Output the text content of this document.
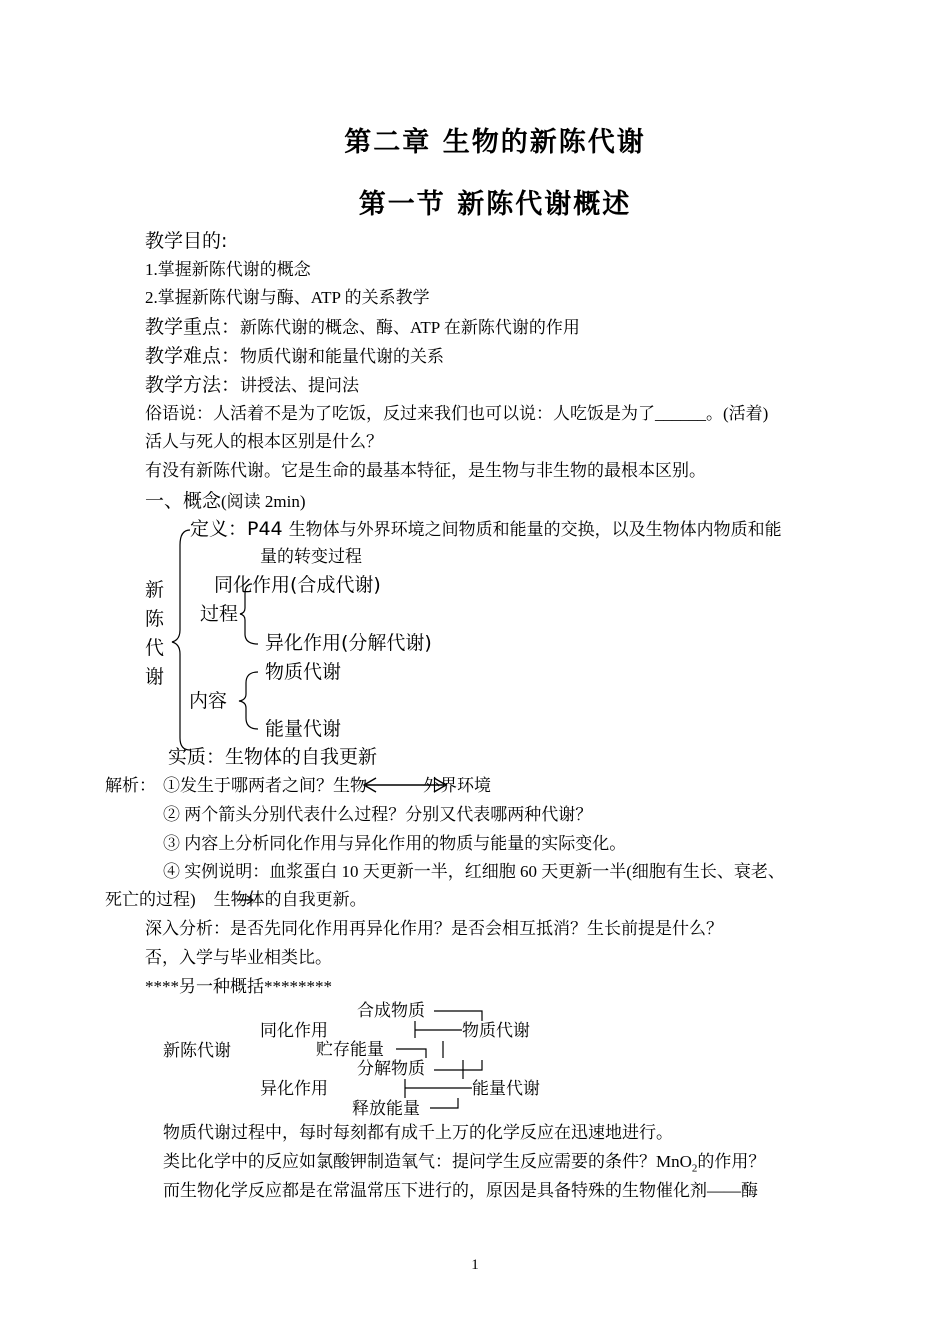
第二章 生物的新陈代谢
第一节 新陈代谢概述
教学目的:
1.掌握新陈代谢的概念
2.掌握新陈代谢与酶、ATP 的关系教学
教学重点：新陈代谢的概念、酶、ATP 在新陈代谢的作用
教学难点：物质代谢和能量代谢的关系
教学方法：讲授法、提问法
俗语说：人活着不是为了吃饭，反过来我们也可以说：人吃饭是为了______。(活着)
活人与死人的根本区别是什么？
有没有新陈代谢。它是生命的最基本特征，是生物与非生物的最根本区别。
一、概念(阅读 2min)
定义：P44 生物体与外界环境之间物质和能量的交换，以及生物体内物质和能
量的转变过程
新
陈
代
谢
同化作用(合成代谢)
过程
异化作用(分解代谢)
物质代谢
内容
能量代谢
实质：生物体的自我更新
解析： ①发生于哪两者之间？生物	外界环境
② 两个箭头分别代表什么过程？分别又代表哪两种代谢？
③ 内容上分析同化作用与异化作用的物质与能量的实际变化。
④ 实例说明：血浆蛋白 10 天更新一半，红细胞 60 天更新一半(细胞有生长、衰老、
死亡的过程) 生物体的自我更新。
深入分析：是否先同化作用再异化作用？是否会相互抵消？生长前提是什么？
否，入学与毕业相类比。
****另一种概括********
合成物质
同化作用	物质代谢
新陈代谢	贮存能量
分解物质
异化作用	能量代谢
释放能量
物质代谢过程中，每时每刻都有成千上万的化学反应在迅速地进行。
类比化学中的反应如氯酸钾制造氧气：提问学生反应需要的条件？MnO$_2$的作用？
而生物化学反应都是在常温常压下进行的，原因是具备特殊的生物催化剂——酶
1
